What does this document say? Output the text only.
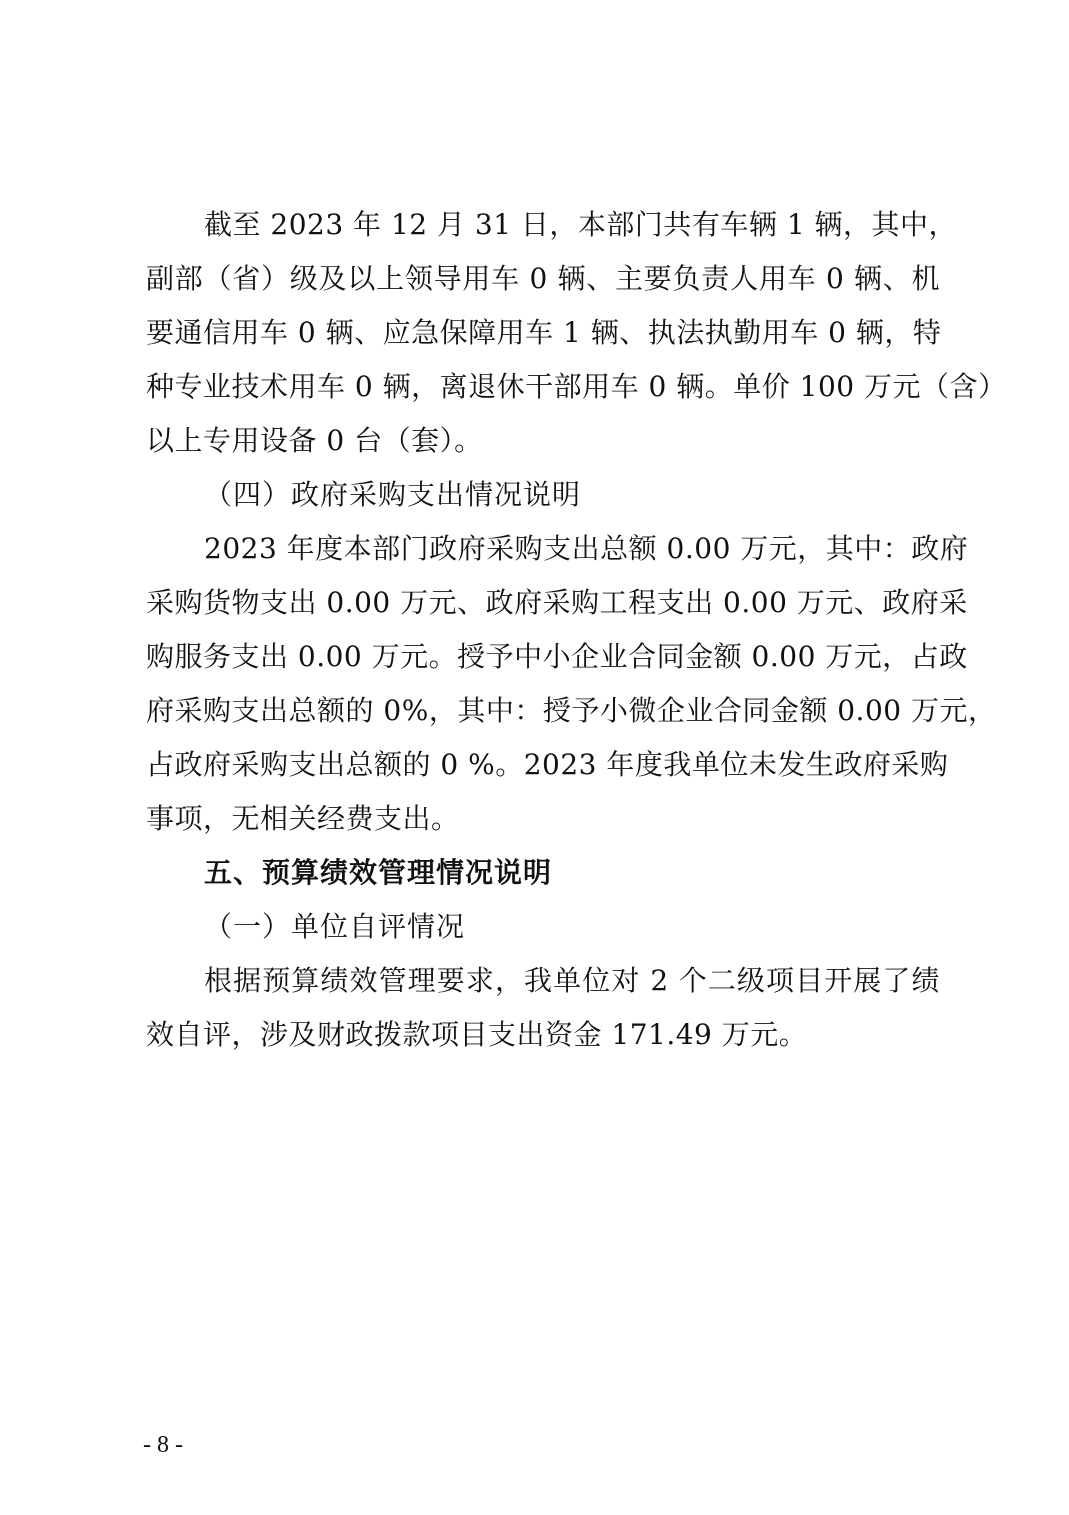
截至 2023 年 12 月 31 日，本部门共有车辆 1 辆，其中，
副部（省）级及以上领导用车 0 辆、主要负责人用车 0 辆、机
要通信用车 0 辆、应急保障用车 1 辆、执法执勤用车 0 辆，特
种专业技术用车 0 辆，离退休干部用车 0 辆。单价 100 万元（含）
以上专用设备 0 台（套）。
（四）政府采购支出情况说明
2023 年度本部门政府采购支出总额 0.00 万元，其中：政府
采购货物支出 0.00 万元、政府采购工程支出 0.00 万元、政府采
购服务支出 0.00 万元。授予中小企业合同金额 0.00 万元，占政
府采购支出总额的 0%，其中：授予小微企业合同金额 0.00 万元，
占政府采购支出总额的 0 %。2023 年度我单位未发生政府采购
事项，无相关经费支出。
五、预算绩效管理情况说明
（一）单位自评情况
根据预算绩效管理要求，我单位对 2 个二级项目开展了绩
效自评，涉及财政拨款项目支出资金 171.49 万元。
- 8 -
